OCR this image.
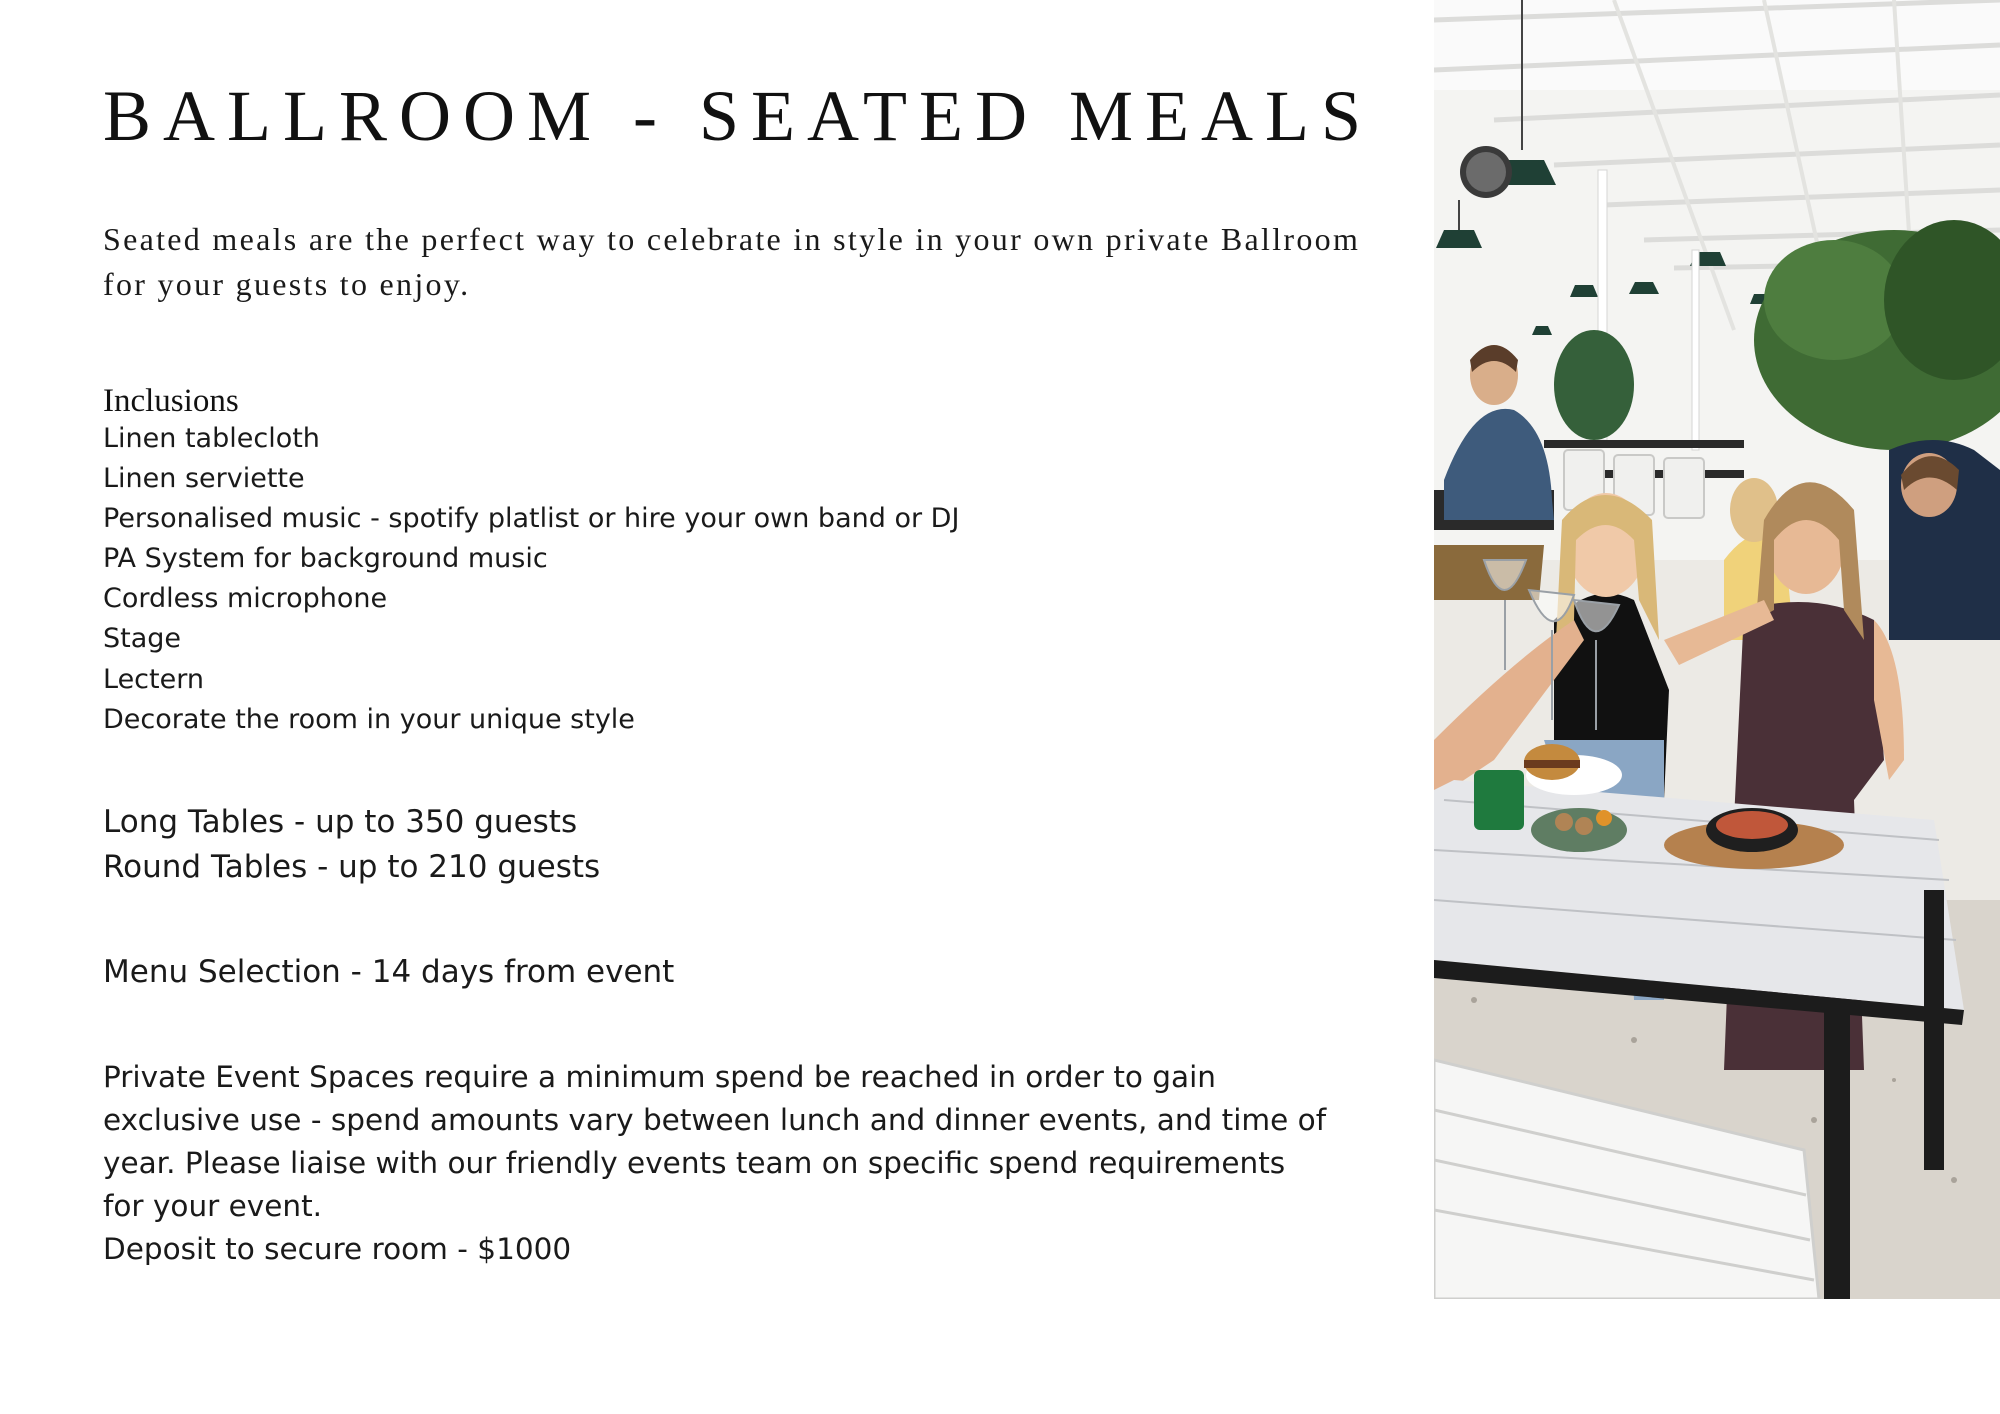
BALLROOM - SEATED MEALS

Seated meals are the perfect way to celebrate in style in your own private Ballroom for your guests to enjoy.

Inclusions
Linen tablecloth
Linen serviette
Personalised music - spotify platlist or hire your own band or DJ
PA System for background music
Cordless microphone
Stage
Lectern
Decorate the room in your unique style
Long Tables - up to 350 guests
Round Tables - up to 210 guests

Menu Selection - 14 days from event

Private Event Spaces require a minimum spend be reached in order to gain exclusive use - spend amounts vary between lunch and dinner events, and time of year. Please liaise with our friendly events team on specific spend requirements for your event.

Deposit to secure room - $1000
